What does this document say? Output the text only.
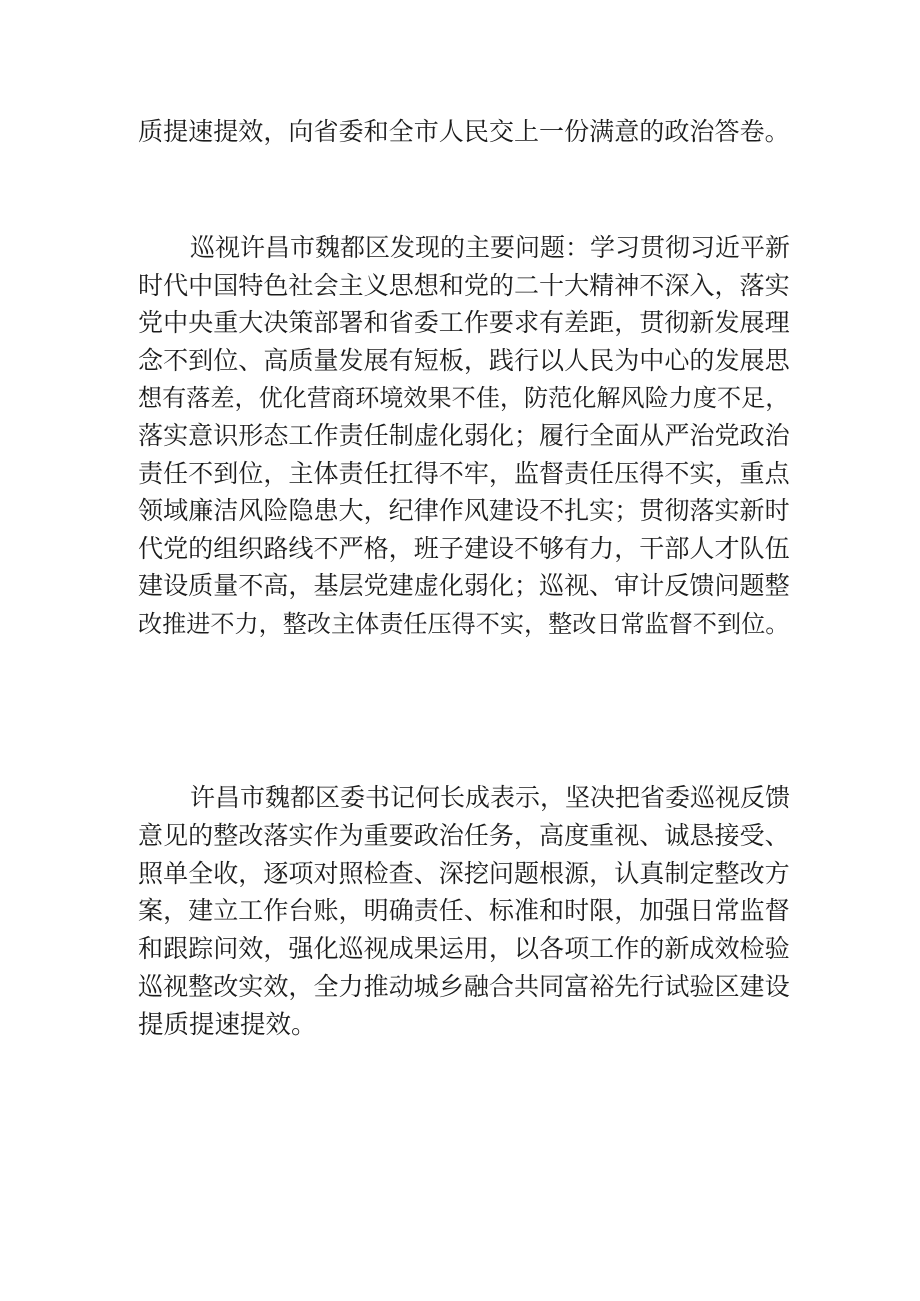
质提速提效，向省委和全市人民交上一份满意的政治答卷。
巡视许昌市魏都区发现的主要问题：学习贯彻习近平新
时代中国特色社会主义思想和党的二十大精神不深入，落实
党中央重大决策部署和省委工作要求有差距，贯彻新发展理
念不到位、高质量发展有短板，践行以人民为中心的发展思
想有落差，优化营商环境效果不佳，防范化解风险力度不足，
落实意识形态工作责任制虚化弱化；履行全面从严治党政治
责任不到位，主体责任扛得不牢，监督责任压得不实，重点
领域廉洁风险隐患大，纪律作风建设不扎实；贯彻落实新时
代党的组织路线不严格，班子建设不够有力，干部人才队伍
建设质量不高，基层党建虚化弱化；巡视、审计反馈问题整
改推进不力，整改主体责任压得不实，整改日常监督不到位。
许昌市魏都区委书记何长成表示，坚决把省委巡视反馈
意见的整改落实作为重要政治任务，高度重视、诚恳接受、
照单全收，逐项对照检查、深挖问题根源，认真制定整改方
案，建立工作台账，明确责任、标准和时限，加强日常监督
和跟踪问效，强化巡视成果运用，以各项工作的新成效检验
巡视整改实效，全力推动城乡融合共同富裕先行试验区建设
提质提速提效。
